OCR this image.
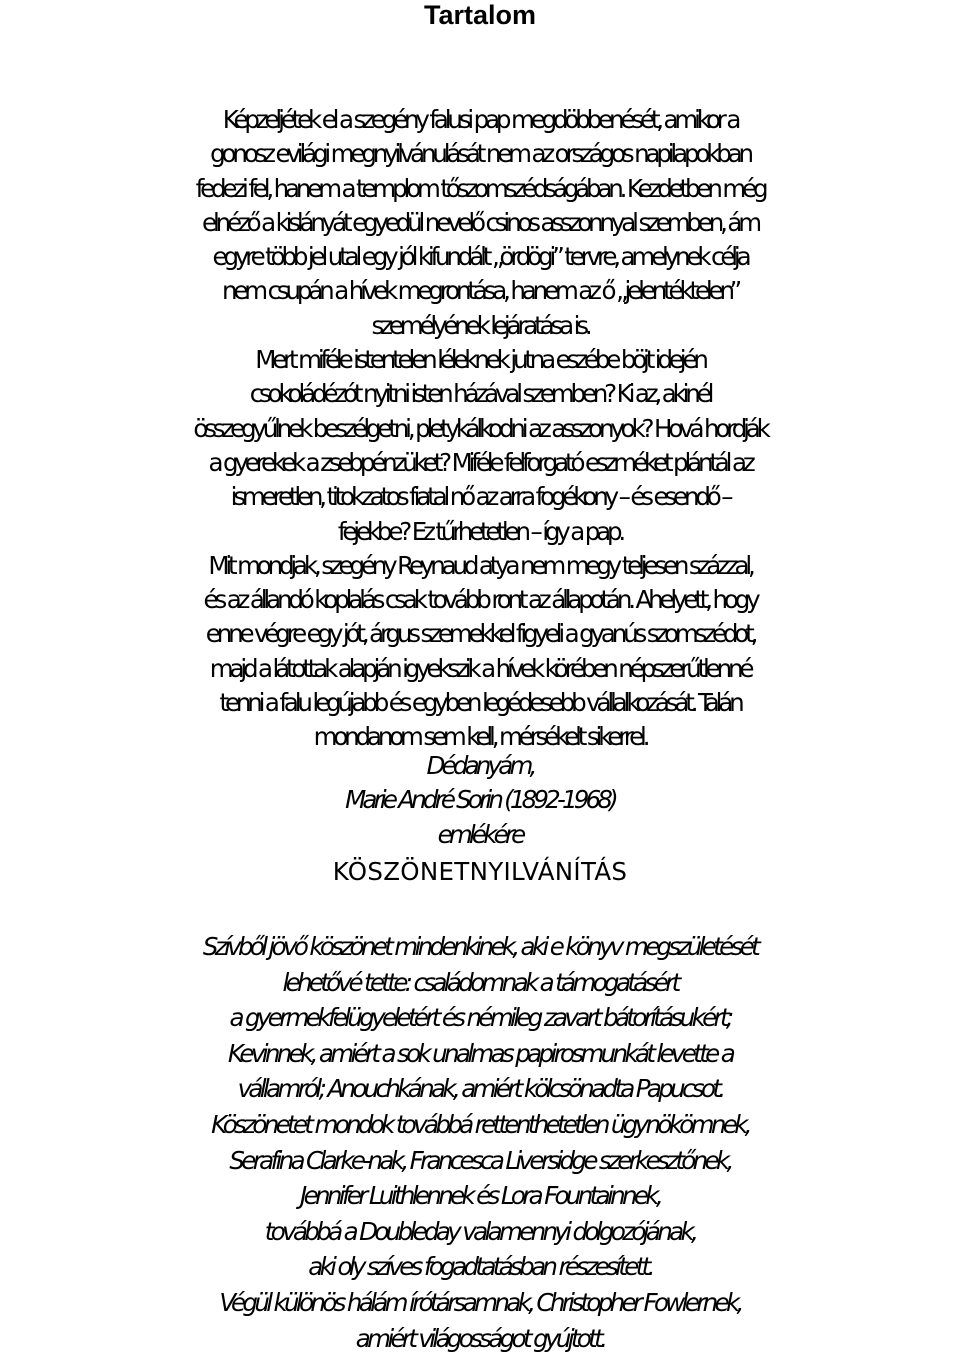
Tartalom
Képzeljétek el a szegény falusi pap megdöbbenését, amikor a
gonosz evilági megnyilvánulását nem az országos napilapokban
fedezi fel, hanem a templom tőszomszédságában. Kezdetben még
elnéző a kislányát egyedül nevelő csinos asszonnyal szemben, ám
egyre több jel utal egy jól kifundált „ördögi” tervre, amelynek célja
nem csupán a hívek megrontása, hanem az ő „jelentéktelen”
személyének lejáratása is.
Mert miféle istentelen léleknek jutna eszébe böjt idején
csokoládézót nyitni isten házával szemben? Ki az, akinél
összegyűlnek beszélgetni, pletykálkodni az asszonyok? Hová hordják
a gyerekek a zsebpénzüket? Miféle felforgató eszméket plántál az
ismeretlen, titokzatos fiatal nő az arra fogékony – és esendő –
fejekbe? Ez tűrhetetlen – így a pap.
Mit mondjak, szegény Reynaud atya nem megy teljesen százzal,
és az állandó koplalás csak tovább ront az állapotán. Ahelyett, hogy
enne végre egy jót, árgus szemekkel figyeli a gyanús szomszédot,
majd a látottak alapján igyekszik a hívek körében népszerűtlenné
tenni a falu legújabb és egyben legédesebb vállalkozását. Talán
mondanom sem kell, mérsékelt sikerrel.
Dédanyám,
Marie André Sorin (1892-1968)
emlékére
KÖSZÖNETNYILVÁNÍTÁS
Szívből jövő köszönet mindenkinek, aki e könyv megszületését
lehetővé tette: családomnak a támogatásért
a gyermekfelügyeletért és némileg zavart bátorításukért;
Kevinnek, amiért a sok unalmas papirosmunkát levette a
vállamról; Anouchkának, amiért kölcsönadta Papucsot.
Köszönetet mondok továbbá rettenthetetlen ügynökömnek,
Serafina Clarke-nak, Francesca Liversidge szerkesztőnek,
Jennifer Luithlennek és Lora Fountainnek,
továbbá a Doubleday valamennyi dolgozójának,
aki oly szíves fogadtatásban részesített.
Végül különös hálám írótársamnak, Christopher Fowlernek,
amiért világosságot gyújtott.
